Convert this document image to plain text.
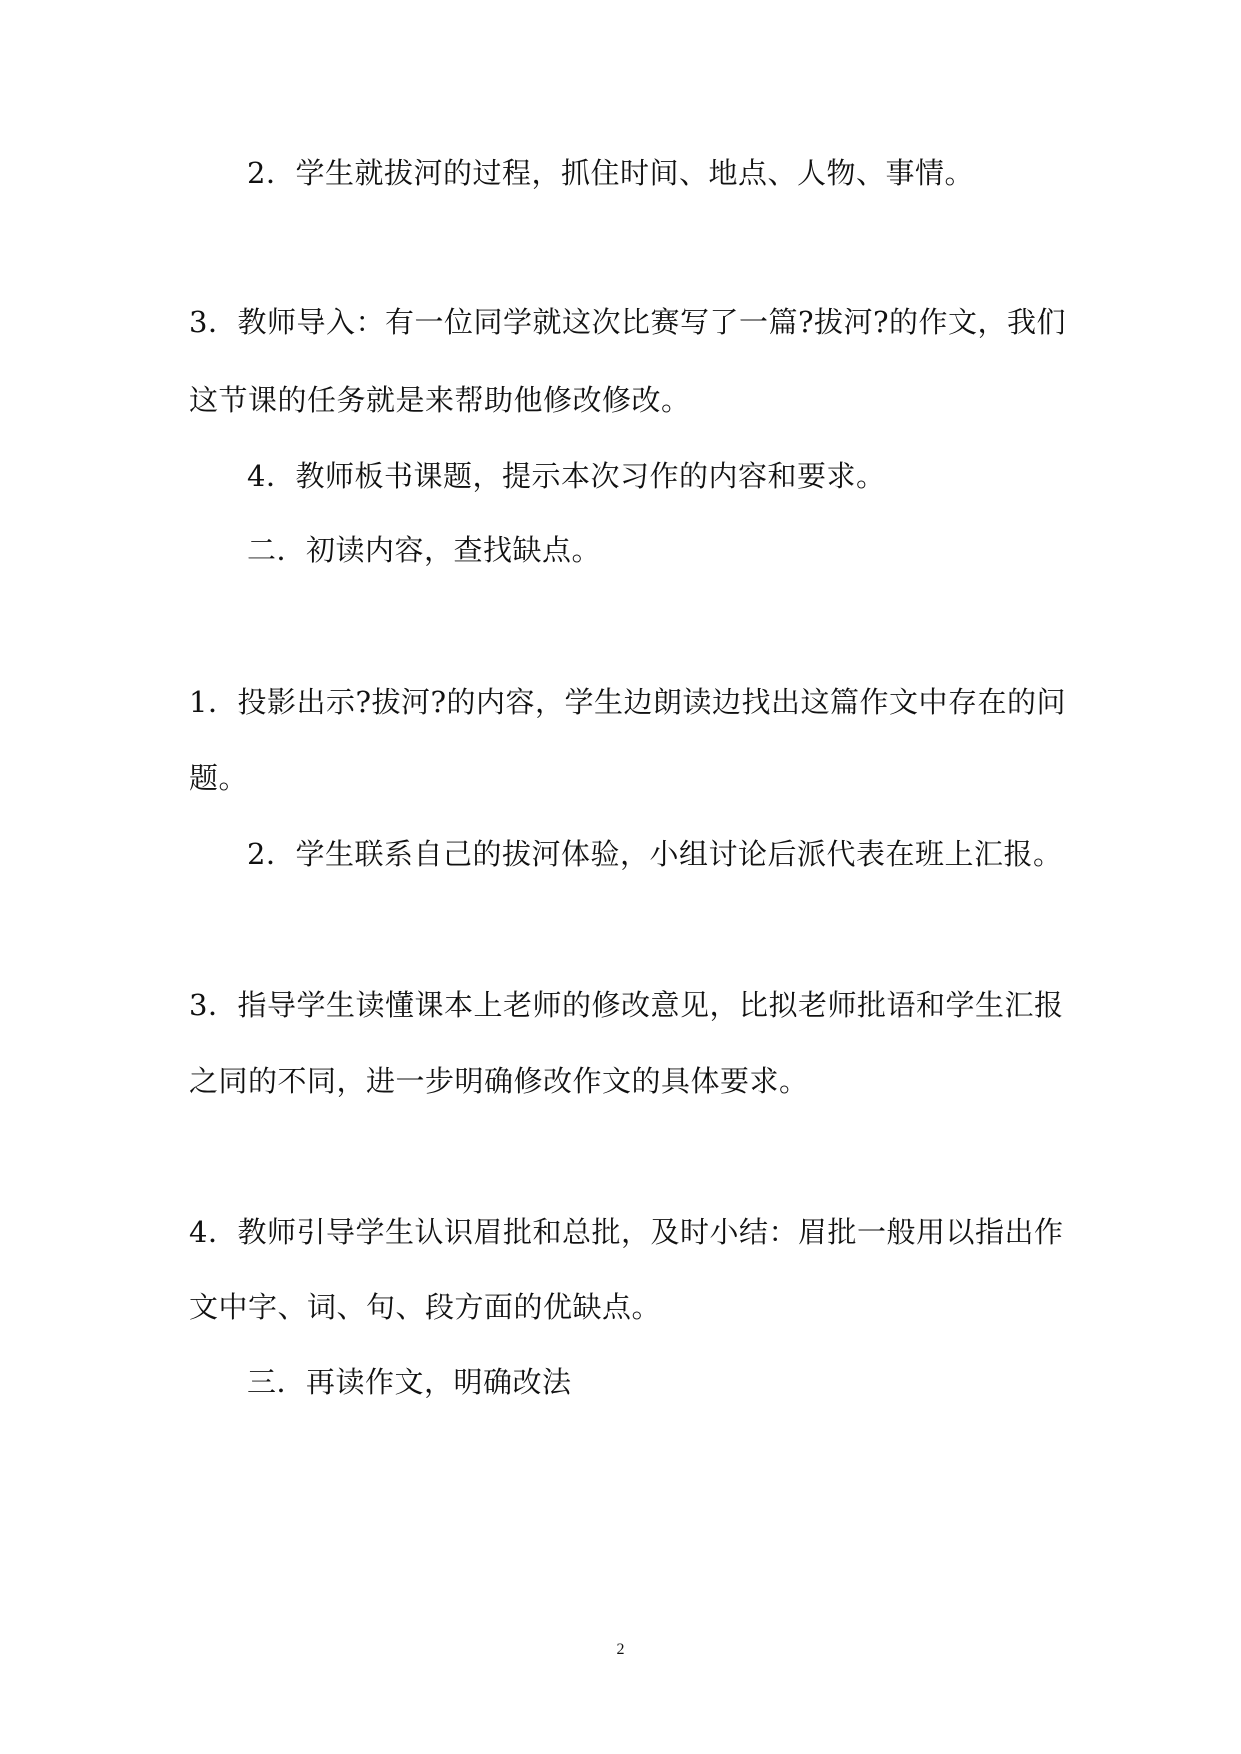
2．学生就拔河的过程，抓住时间、地点、人物、事情。
3．教师导入：有一位同学就这次比赛写了一篇?拔河?的作文，我们
这节课的任务就是来帮助他修改修改。
4．教师板书课题，提示本次习作的内容和要求。
二．初读内容，查找缺点。
1．投影出示?拔河?的内容，学生边朗读边找出这篇作文中存在的问
题。
2．学生联系自己的拔河体验，小组讨论后派代表在班上汇报。
3．指导学生读懂课本上老师的修改意见，比拟老师批语和学生汇报
之同的不同，进一步明确修改作文的具体要求。
4．教师引导学生认识眉批和总批，及时小结：眉批一般用以指出作
文中字、词、句、段方面的优缺点。
三．再读作文，明确改法
2
